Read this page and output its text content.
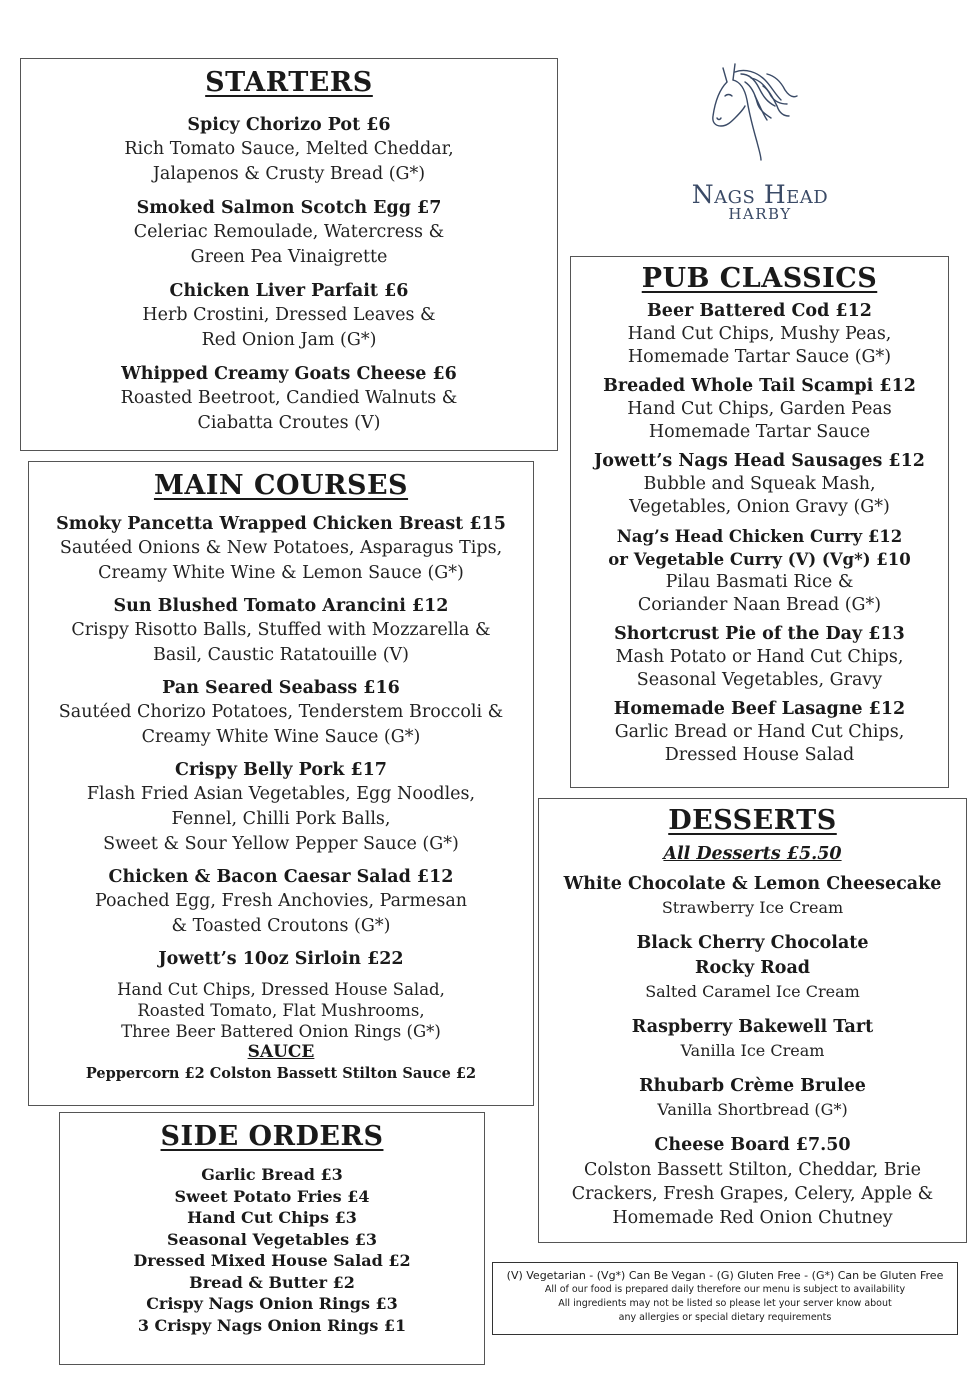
STARTERS
Spicy Chorizo Pot £6
Rich Tomato Sauce, Melted Cheddar,
Jalapenos & Crusty Bread (G*)
Smoked Salmon Scotch Egg £7
Celeriac Remoulade, Watercress &
Green Pea Vinaigrette
Chicken Liver Parfait £6
Herb Crostini, Dressed Leaves &
Red Onion Jam (G*)
Whipped Creamy Goats Cheese £6
Roasted Beetroot, Candied Walnuts &
Ciabatta Croutes (V)
Nags Head
HARBY
PUB CLASSICS
Beer Battered Cod £12
Hand Cut Chips, Mushy Peas,
Homemade Tartar Sauce (G*)
Breaded Whole Tail Scampi £12
Hand Cut Chips, Garden Peas
Homemade Tartar Sauce
Jowett’s Nags Head Sausages £12
Bubble and Squeak Mash,
Vegetables, Onion Gravy (G*)
Nag’s Head Chicken Curry £12
or Vegetable Curry (V) (Vg*) £10
Pilau Basmati Rice &
Coriander Naan Bread (G*)
Shortcrust Pie of the Day £13
Mash Potato or Hand Cut Chips,
Seasonal Vegetables, Gravy
Homemade Beef Lasagne £12
Garlic Bread or Hand Cut Chips,
Dressed House Salad
MAIN COURSES
Smoky Pancetta Wrapped Chicken Breast £15
Sautéed Onions & New Potatoes, Asparagus Tips,
Creamy White Wine & Lemon Sauce (G*)
Sun Blushed Tomato Arancini £12
Crispy Risotto Balls, Stuffed with Mozzarella &
Basil, Caustic Ratatouille (V)
Pan Seared Seabass £16
Sautéed Chorizo Potatoes, Tenderstem Broccoli &
Creamy White Wine Sauce (G*)
Crispy Belly Pork £17
Flash Fried Asian Vegetables, Egg Noodles,
Fennel, Chilli Pork Balls,
Sweet & Sour Yellow Pepper Sauce (G*)
Chicken & Bacon Caesar Salad £12
Poached Egg, Fresh Anchovies, Parmesan
& Toasted Croutons (G*)
Jowett’s 10oz Sirloin £22
Hand Cut Chips, Dressed House Salad,
Roasted Tomato, Flat Mushrooms,
Three Beer Battered Onion Rings (G*)
SAUCE
Peppercorn £2 Colston Bassett Stilton Sauce £2
DESSERTS
All Desserts £5.50
White Chocolate & Lemon Cheesecake
Strawberry Ice Cream
Black Cherry Chocolate
Rocky Road
Salted Caramel Ice Cream
Raspberry Bakewell Tart
Vanilla Ice Cream
Rhubarb Crème Brulee
Vanilla Shortbread (G*)
Cheese Board £7.50
Colston Bassett Stilton, Cheddar, Brie
Crackers, Fresh Grapes, Celery, Apple &
Homemade Red Onion Chutney
SIDE ORDERS
Garlic Bread £3
Sweet Potato Fries £4
Hand Cut Chips £3
Seasonal Vegetables £3
Dressed Mixed House Salad £2
Bread & Butter £2
Crispy Nags Onion Rings £3
3 Crispy Nags Onion Rings £1
(V) Vegetarian - (Vg*) Can Be Vegan - (G) Gluten Free - (G*) Can be Gluten Free
All of our food is prepared daily therefore our menu is subject to availability
All ingredients may not be listed so please let your server know about
any allergies or special dietary requirements
